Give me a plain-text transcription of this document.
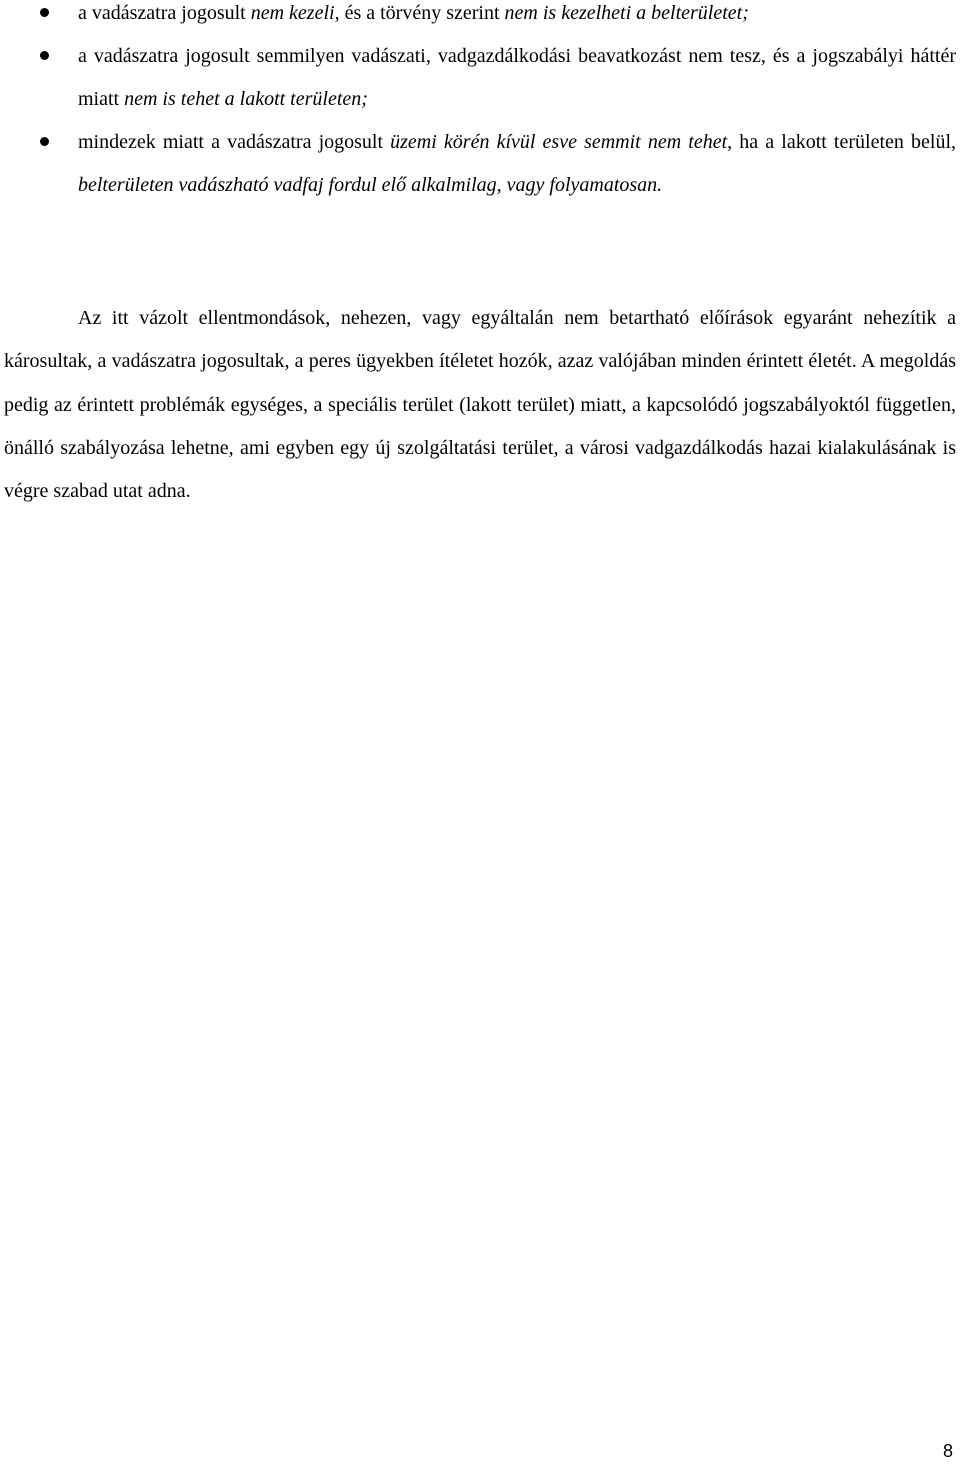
a vadászatra jogosult nem kezeli, és a törvény szerint nem is kezelheti a belterületet;
a vadászatra jogosult semmilyen vadászati, vadgazdálkodási beavatkozást nem tesz, és a jogszabályi háttér miatt nem is tehet a lakott területen;
mindezek miatt a vadászatra jogosult üzemi körén kívül esve semmit nem tehet, ha a lakott területen belül, belterületen vadászható vadfaj fordul elő alkalmilag, vagy folyamatosan.

Az itt vázolt ellentmondások, nehezen, vagy egyáltalán nem betartható előírások egyaránt nehezítik a károsultak, a vadászatra jogosultak, a peres ügyekben ítéletet hozók, azaz valójában minden érintett életét. A megoldás pedig az érintett problémák egységes, a speciális terület (lakott terület) miatt, a kapcsolódó jogszabályoktól független, önálló szabályozása lehetne, ami egyben egy új szolgáltatási terület, a városi vadgazdálkodás hazai kialakulásának is végre szabad utat adna.

8
